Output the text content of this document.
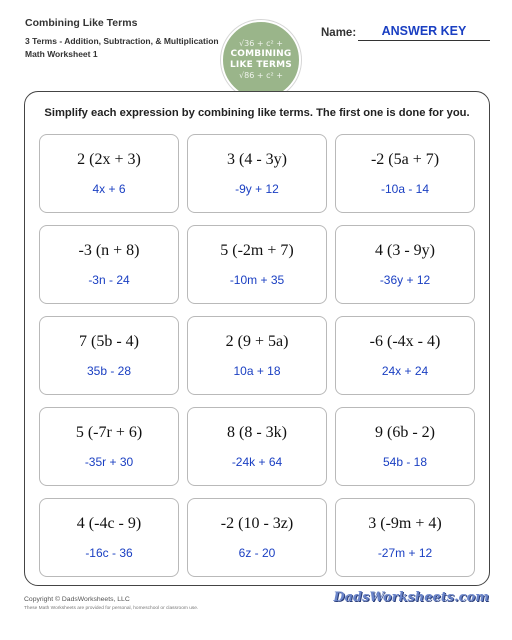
Combining Like Terms
3 Terms - Addition, Subtraction, & Multiplication
Math Worksheet 1
√36 + c² +
COMBINING
LIKE TERMS
√86 + c² +
Name:	ANSWER KEY
Simplify each expression by combining like terms. The first one is done for you.
2 (2x + 3)
4x + 6
3 (4 - 3y)
-9y + 12
-2 (5a + 7)
-10a - 14
-3 (n + 8)
-3n - 24
5 (-2m + 7)
-10m + 35
4 (3 - 9y)
-36y + 12
7 (5b - 4)
35b - 28
2 (9 + 5a)
10a + 18
-6 (-4x - 4)
24x + 24
5 (-7r + 6)
-35r + 30
8 (8 - 3k)
-24k + 64
9 (6b - 2)
54b - 18
4 (-4c - 9)
-16c - 36
-2 (10 - 3z)
6z - 20
3 (-9m + 4)
-27m + 12
Copyright © DadsWorksheets, LLC
These Math Worksheets are provided for personal, homeschool or classroom use.
DadsWorksheets.com
